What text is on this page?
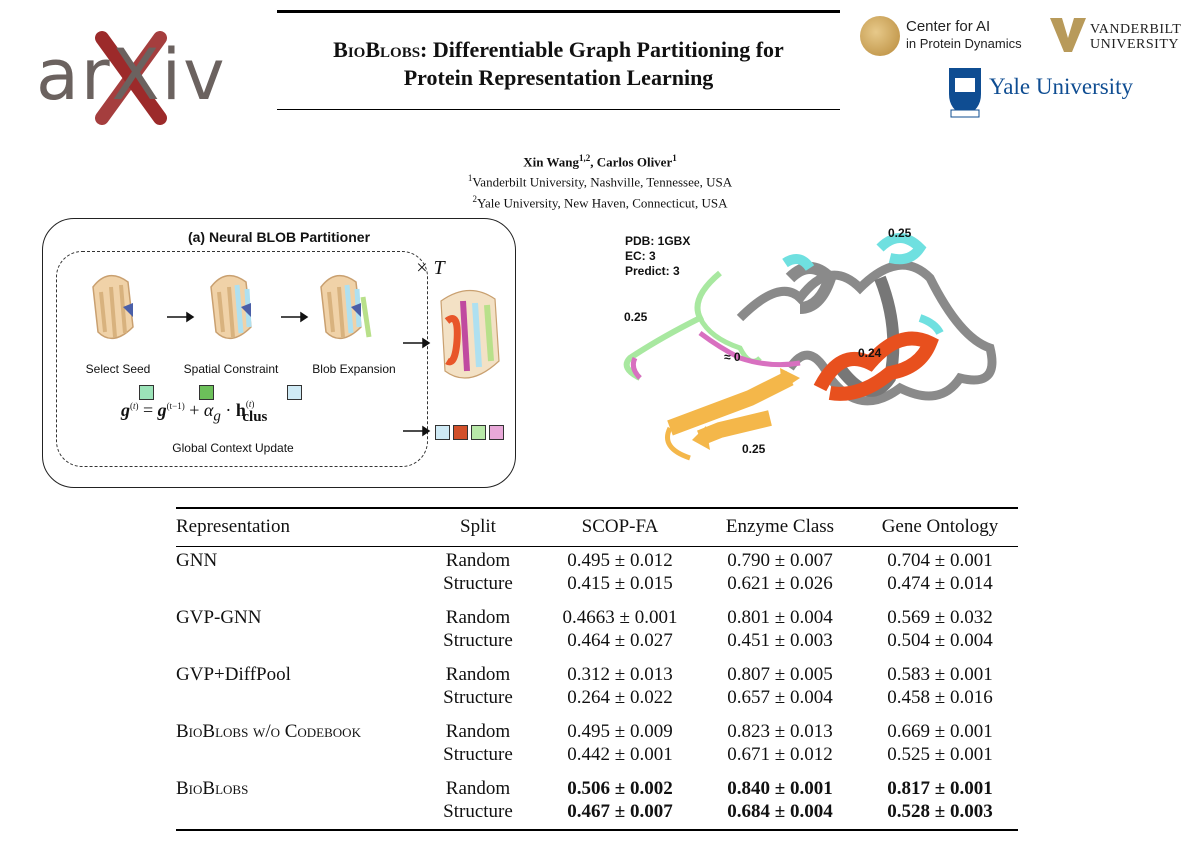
arXiv	BioBlobs: Differentiable Graph Partitioning for
Protein Representation Learning
Center for AI
in Protein Dynamics
VANDERBILT
UNIVERSITY
Yale University
Xin Wang$^{1,2}$, Carlos Oliver$^1$
$^1$Vanderbilt University, Nashville, Tennessee, USA
$^2$Yale University, New Haven, Connecticut, USA
(a) Neural BLOB Partitioner
Select Seed	Spatial Constraint	Blob Expansion
$g^{(t)} = g^{(t-1)} + \alpha_g \cdot h^{(t)}_{clus}$
Global Context Update
× T
PDB: 1GBX
EC: 3
Predict: 3
0.25
0.25
≈ 0	0.24
0.25
Representation	Split	SCOP-FA	Enzyme Class	Gene Ontology
GNN	Random	0.495 ± 0.012	0.790 ± 0.007	0.704 ± 0.001
Structure	0.415 ± 0.015	0.621 ± 0.026	0.474 ± 0.014
GVP-GNN	Random	0.4663 ± 0.001	0.801 ± 0.004	0.569 ± 0.032
Structure	0.464 ± 0.027	0.451 ± 0.003	0.504 ± 0.004
GVP+DiffPool	Random	0.312 ± 0.013	0.807 ± 0.005	0.583 ± 0.001
Structure	0.264 ± 0.022	0.657 ± 0.004	0.458 ± 0.016
BioBlobs w/o Codebook	Random	0.495 ± 0.009	0.823 ± 0.013	0.669 ± 0.001
Structure	0.442 ± 0.001	0.671 ± 0.012	0.525 ± 0.001
BioBlobs	Random	0.506 ± 0.002	0.840 ± 0.001	0.817 ± 0.001
Structure	0.467 ± 0.007	0.684 ± 0.004	0.528 ± 0.003
